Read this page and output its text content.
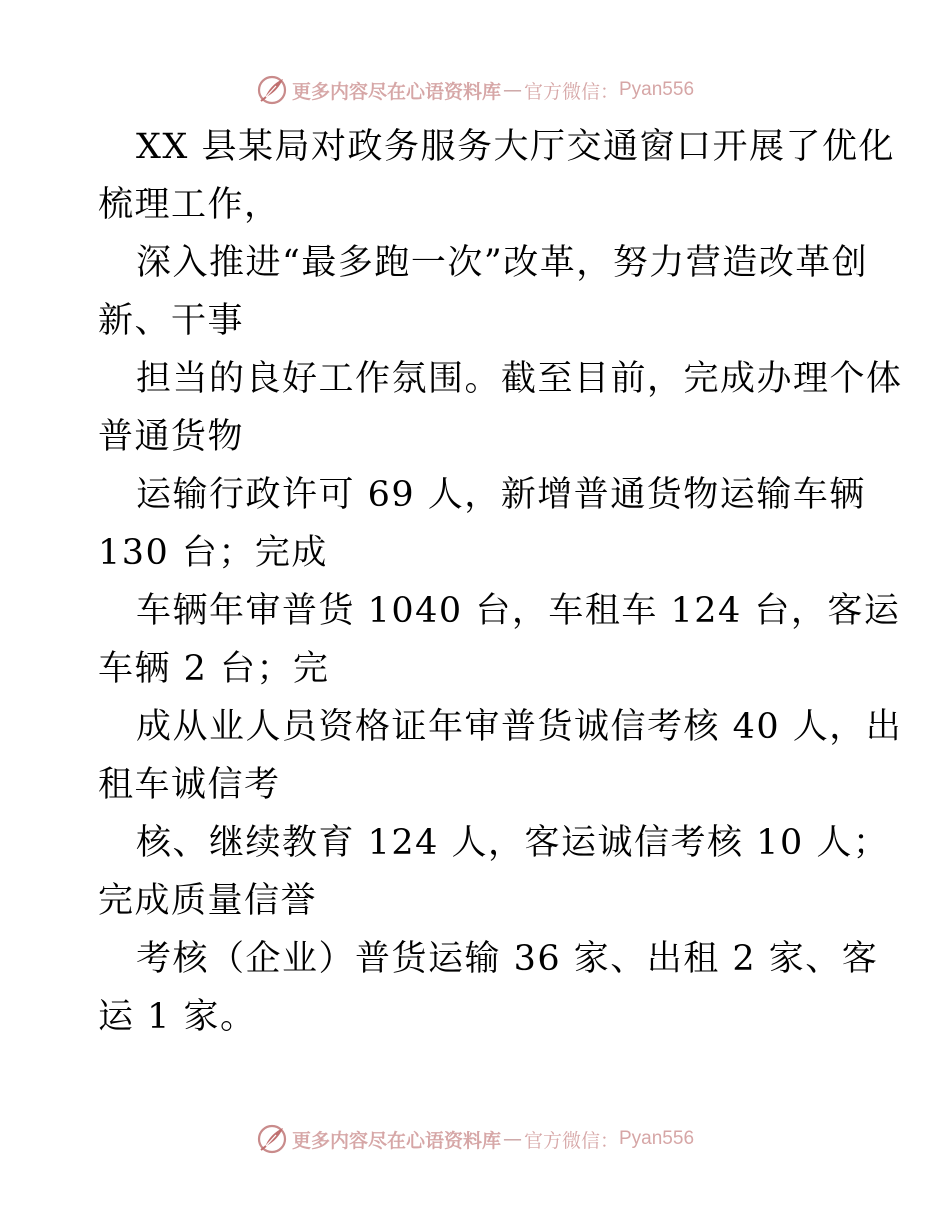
更多内容尽在心语资料库 — 官方微信： Pyan556
XX 县某局对政务服务大厅交通窗口开展了优化
梳理工作，
深入推进“最多跑一次”改革，努力营造改革创
新、干事
担当的良好工作氛围。截至目前，完成办理个体
普通货物
运输行政许可 69 人，新增普通货物运输车辆
130 台；完成
车辆年审普货 1040 台，车租车 124 台，客运
车辆 2 台；完
成从业人员资格证年审普货诚信考核 40 人，出
租车诚信考
核、继续教育 124 人，客运诚信考核 10 人；
完成质量信誉
考核（企业）普货运输 36 家、出租 2 家、客
运 1 家。
更多内容尽在心语资料库 — 官方微信： Pyan556
